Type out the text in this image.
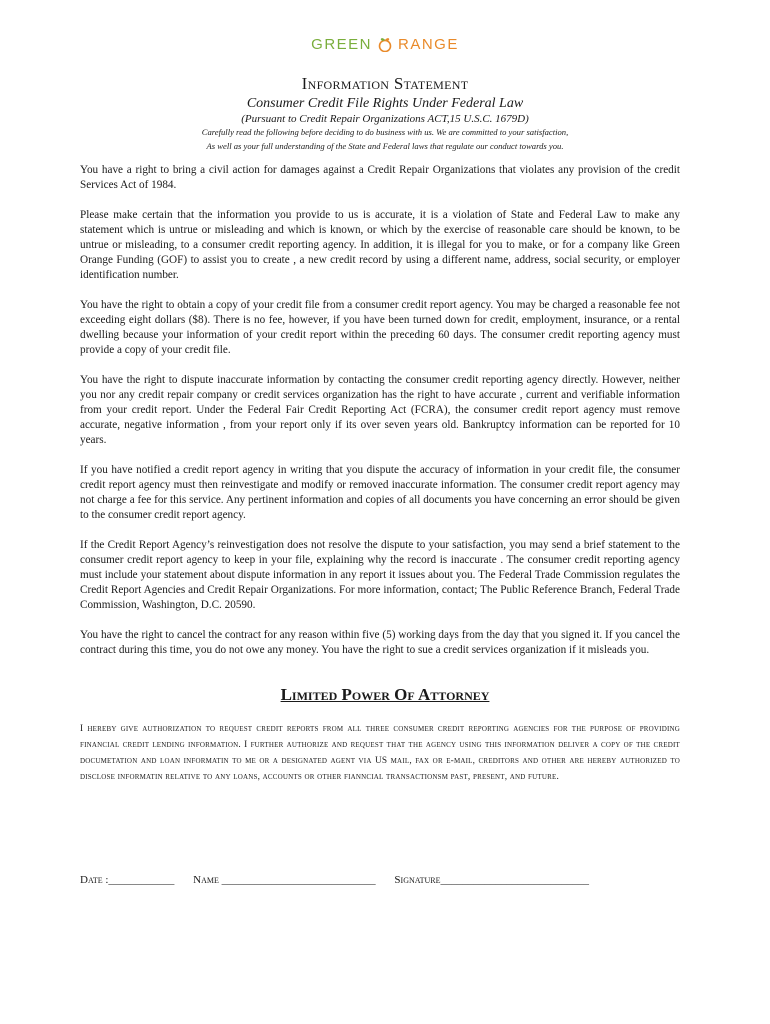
GREEN RANGE
Information Statement
Consumer Credit File Rights Under Federal Law
(Pursuant to Credit Repair Organizations ACT,15 U.S.C. 1679D)
Carefully read the following before deciding to do business with us. We are committed to your satisfaction,
As well as your full understanding of the State and Federal laws that regulate our conduct towards you.

You have a right to bring a civil action for damages against a Credit Repair Organizations that violates any provision of the credit Services Act of 1984.

Please make certain that the information you provide to us is accurate, it is a violation of State and Federal Law to make any statement which is untrue or misleading and which is known, or which by the exercise of reasonable care should be known, to be untrue or misleading, to a consumer credit reporting agency. In addition, it is illegal for you to make, or for a company like Green Orange Funding (GOF) to assist you to create , a new credit record by using a different name, address, social security, or employer identification number.

You have the right to obtain a copy of your credit file from a consumer credit report agency. You may be charged a reasonable fee not exceeding eight dollars ($8). There is no fee, however, if you have been turned down for credit, employment, insurance, or a rental dwelling because your information of your credit report within the preceding 60 days. The consumer credit reporting agency must provide a copy of your credit file.

You have the right to dispute inaccurate information by contacting the consumer credit reporting agency directly. However, neither you nor any credit repair company or credit services organization has the right to have accurate , current and verifiable information from your credit report. Under the Federal Fair Credit Reporting Act (FCRA), the consumer credit report agency must remove accurate, negative information , from your report only if its over seven years old. Bankruptcy information can be reported for 10 years.

If you have notified a credit report agency in writing that you dispute the accuracy of information in your credit file, the consumer credit report agency must then reinvestigate and modify or removed inaccurate information. The consumer credit report agency may not charge a fee for this service. Any pertinent information and copies of all documents you have concerning an error should be given to the consumer credit report agency.

If the Credit Report Agency’s reinvestigation does not resolve the dispute to your satisfaction, you may send a brief statement to the consumer credit report agency to keep in your file, explaining why the record is inaccurate . The consumer credit reporting agency must include your statement about dispute information in any report it issues about you. The Federal Trade Commission regulates the Credit Report Agencies and Credit Repair Organizations. For more information, contact; The Public Reference Branch, Federal Trade Commission, Washington, D.C. 20590.

You have the right to cancel the contract for any reason within five (5) working days from the day that you signed it. If you cancel the contract during this time, you do not owe any money. You have the right to sue a credit services organization if it misleads you.

Limited Power Of Attorney
I hereby give authorization to request credit reports from all three consumer credit reporting agencies for the purpose of providing financial credit lending information. I further authorize and request that the agency using this information deliver a copy of the credit documetation and loan informatin to me or a designated agent via US mail, fax or e-mail, creditors and other are hereby authorized to disclose informatin relative to any loans, accounts or other fianncial transactionsm past, present, and future.
Date :____________ Name ____________________________ Signature___________________________
